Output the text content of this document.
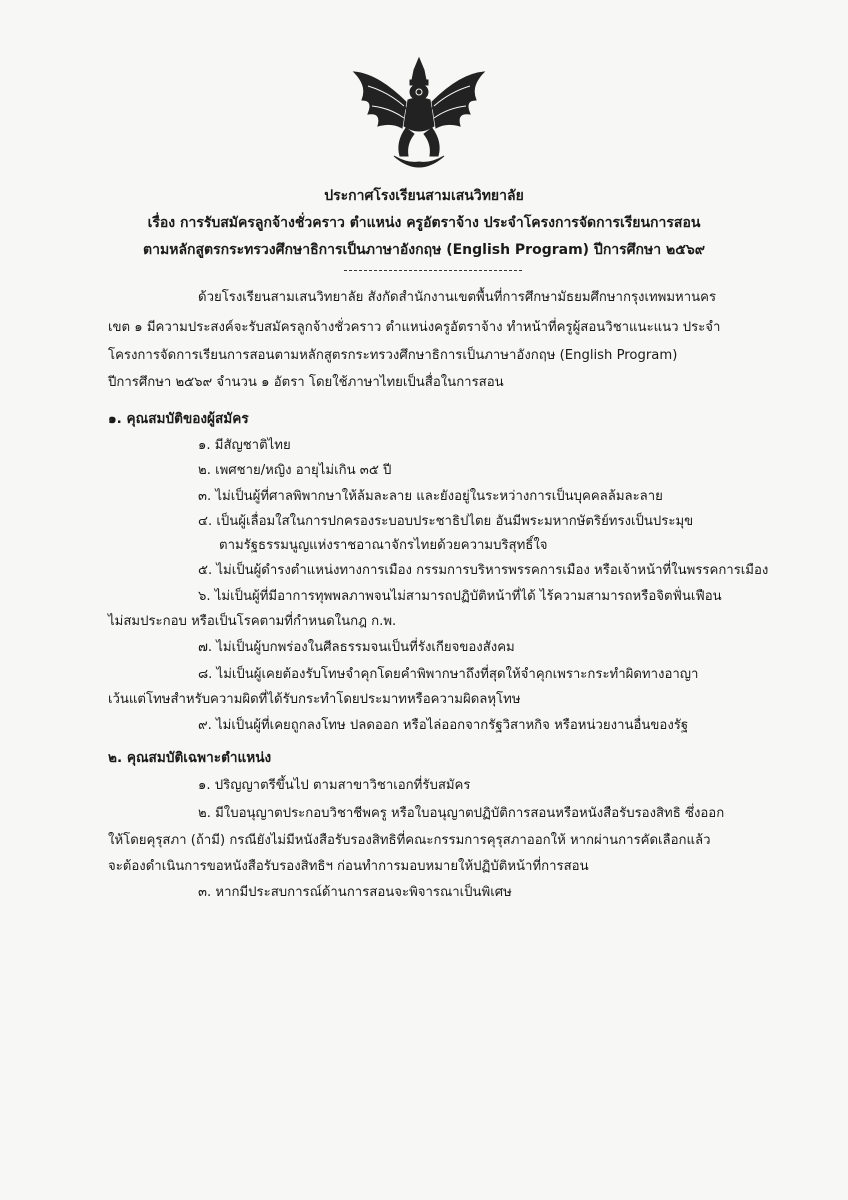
ประกาศโรงเรียนสามเสนวิทยาลัย
เรื่อง การรับสมัครลูกจ้างชั่วคราว ตำแหน่ง ครูอัตราจ้าง ประจำโครงการจัดการเรียนการสอน
ตามหลักสูตรกระทรวงศึกษาธิการเป็นภาษาอังกฤษ (English Program) ปีการศึกษา ๒๕๖๙
ด้วยโรงเรียนสามเสนวิทยาลัย สังกัดสำนักงานเขตพื้นที่การศึกษามัธยมศึกษากรุงเทพมหานคร
เขต ๑ มีความประสงค์จะรับสมัครลูกจ้างชั่วคราว ตำแหน่งครูอัตราจ้าง ทำหน้าที่ครูผู้สอนวิชาแนะแนว ประจำ
โครงการจัดการเรียนการสอนตามหลักสูตรกระทรวงศึกษาธิการเป็นภาษาอังกฤษ (English Program)
ปีการศึกษา ๒๕๖๙ จำนวน ๑ อัตรา โดยใช้ภาษาไทยเป็นสื่อในการสอน
๑. คุณสมบัติของผู้สมัคร
๑. มีสัญชาติไทย
๒. เพศชาย/หญิง อายุไม่เกิน ๓๕ ปี
๓. ไม่เป็นผู้ที่ศาลพิพากษาให้ล้มละลาย และยังอยู่ในระหว่างการเป็นบุคคลล้มละลาย
๔. เป็นผู้เลื่อมใสในการปกครองระบอบประชาธิปไตย อันมีพระมหากษัตริย์ทรงเป็นประมุข
ตามรัฐธรรมนูญแห่งราชอาณาจักรไทยด้วยความบริสุทธิ์ใจ
๕. ไม่เป็นผู้ดำรงตำแหน่งทางการเมือง กรรมการบริหารพรรคการเมือง หรือเจ้าหน้าที่ในพรรคการเมือง
๖. ไม่เป็นผู้ที่มีอาการทุพพลภาพจนไม่สามารถปฏิบัติหน้าที่ได้ ไร้ความสามารถหรือจิตฟั่นเฟือน
ไม่สมประกอบ หรือเป็นโรคตามที่กำหนดในกฎ ก.พ.
๗. ไม่เป็นผู้บกพร่องในศีลธรรมจนเป็นที่รังเกียจของสังคม
๘. ไม่เป็นผู้เคยต้องรับโทษจำคุกโดยคำพิพากษาถึงที่สุดให้จำคุกเพราะกระทำผิดทางอาญา
เว้นแต่โทษสำหรับความผิดที่ได้รับกระทำโดยประมาทหรือความผิดลหุโทษ
๙. ไม่เป็นผู้ที่เคยถูกลงโทษ ปลดออก หรือไล่ออกจากรัฐวิสาหกิจ หรือหน่วยงานอื่นของรัฐ
๒. คุณสมบัติเฉพาะตำแหน่ง
๑. ปริญญาตรีขึ้นไป ตามสาขาวิชาเอกที่รับสมัคร
๒. มีใบอนุญาตประกอบวิชาชีพครู หรือใบอนุญาตปฏิบัติการสอนหรือหนังสือรับรองสิทธิ ซึ่งออก
ให้โดยคุรุสภา (ถ้ามี) กรณียังไม่มีหนังสือรับรองสิทธิที่คณะกรรมการคุรุสภาออกให้ หากผ่านการคัดเลือกแล้ว
จะต้องดำเนินการขอหนังสือรับรองสิทธิฯ ก่อนทำการมอบหมายให้ปฏิบัติหน้าที่การสอน
๓. หากมีประสบการณ์ด้านการสอนจะพิจารณาเป็นพิเศษ
